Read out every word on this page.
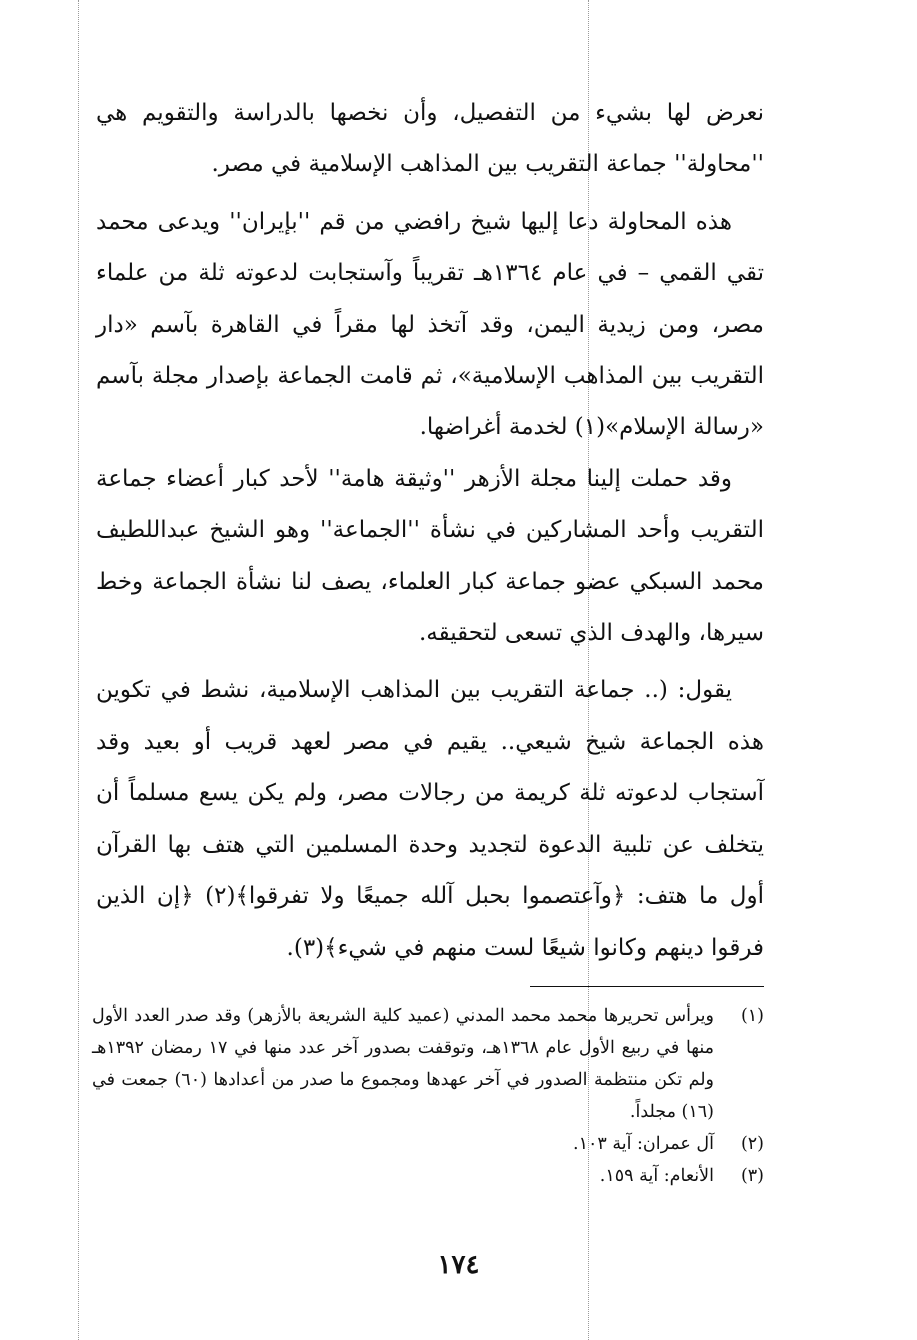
نعرض لها بشيء من التفصيل، وأن نخصها بالدراسة والتقويم هي ''محاولة'' جماعة التقريب بين المذاهب الإسلامية في مصر.

هذه المحاولة دعا إليها شيخ رافضي من قم ''بإيران'' ويدعى محمد تقي القمي – في عام ١٣٦٤هـ تقريباً وآستجابت لدعوته ثلة من علماء مصر، ومن زيدية اليمن، وقد آتخذ لها مقراً في القاهرة بآسم «دار التقريب بين المذاهب الإسلامية»، ثم قامت الجماعة بإصدار مجلة بآسم «رسالة الإسلام»(١) لخدمة أغراضها.

وقد حملت إلينا مجلة الأزهر ''وثيقة هامة'' لأحد كبار أعضاء جماعة التقريب وأحد المشاركين في نشأة ''الجماعة'' وهو الشيخ عبداللطيف محمد السبكي عضو جماعة كبار العلماء، يصف لنا نشأة الجماعة وخط سيرها، والهدف الذي تسعى لتحقيقه.

يقول: (.. جماعة التقريب بين المذاهب الإسلامية، نشط في تكوين هذه الجماعة شيخ شيعي.. يقيم في مصر لعهد قريب أو بعيد وقد آستجاب لدعوته ثلة كريمة من رجالات مصر، ولم يكن يسع مسلماً أن يتخلف عن تلبية الدعوة لتجديد وحدة المسلمين التي هتف بها القرآن أول ما هتف: ﴿وآعتصموا بحبل آلله جميعًا ولا تفرقوا﴾(٢) ﴿إن الذين فرقوا دينهم وكانوا شيعًا لست منهم في شيء﴾(٣).

(١)
ويرأس تحريرها محمد محمد المدني (عميد كلية الشريعة بالأزهر) وقد صدر العدد الأول منها في ربيع الأول عام ١٣٦٨هـ، وتوقفت بصدور آخر عدد منها في ١٧ رمضان ١٣٩٢هـ ولم تكن منتظمة الصدور في آخر عهدها ومجموع ما صدر من أعدادها (٦٠) جمعت في (١٦) مجلداً.
(٢)
آل عمران: آية ١٠٣.
(٣)
الأنعام: آية ١٥٩.
١٧٤
